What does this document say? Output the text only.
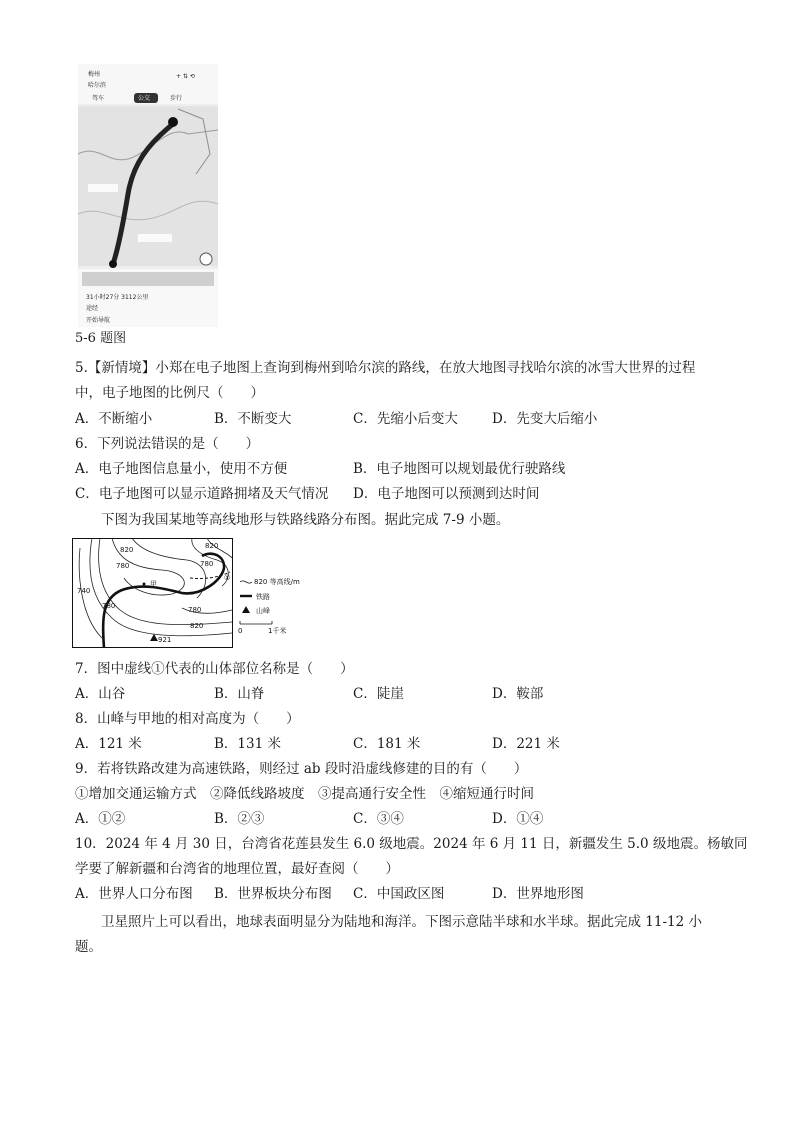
梅州
哈尔滨
+ ⇅ ⟲
驾车	公交	步行
31小时27分 3112公里
途经
开始导航
5-6 题图
5.【新情境】小郑在电子地图上查询到梅州到哈尔滨的路线，在放大地图寻找哈尔滨的冰雪大世界的过程
中，电子地图的比例尺（　　）
A．不断缩小	B．不断变大	C．先缩小后变大	D．先变大后缩小
6．下列说法错误的是（　　）
A．电子地图信息量小，使用不方便	B．电子地图可以规划最优行驶路线
C．电子地图可以显示道路拥堵及天气情况 D．电子地图可以预测到达时间
下图为我国某地等高线地形与铁路线路分布图。据此完成 7-9 小题。
820	820
780	780
740
780
820
780
甲
①
921
820 等高线/m
铁路
山峰
0	1千米
7．图中虚线①代表的山体部位名称是（　　）
A．山谷	B．山脊	C．陡崖	D．鞍部
8．山峰与甲地的相对高度为（　　）
A．121 米	B．131 米	C．181 米	D．221 米
9．若将铁路改建为高速铁路，则经过 ab 段时沿虚线修建的目的有（　　）
①增加交通运输方式　②降低线路坡度　③提高通行安全性　④缩短通行时间
A．①②	B．②③	C．③④	D．①④
10．2024 年 4 月 30 日，台湾省花莲县发生 6.0 级地震。2024 年 6 月 11 日，新疆发生 5.0 级地震。杨敏同
学要了解新疆和台湾省的地理位置，最好查阅（　　）
A．世界人口分布图 B．世界板块分布图 C．中国政区图	D．世界地形图
卫星照片上可以看出，地球表面明显分为陆地和海洋。下图示意陆半球和水半球。据此完成 11-12 小
题。
